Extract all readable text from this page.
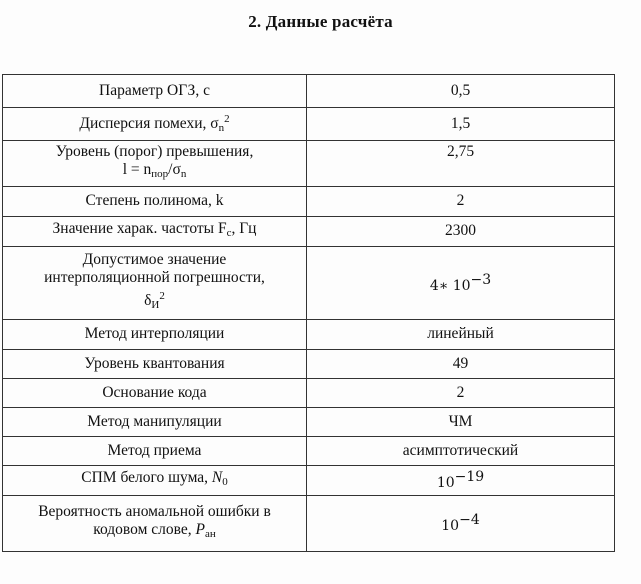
2. Данные расчёта
Параметр ОГЗ, c	0,5
Дисперсия помехи, $\sigma_n^2$	1,5

Уровень (порог) превышения,
$l = n_{пор}/\sigma_n$	2,75
Степень полинома, k	2
Значение харак. частоты $F_c$, Гц	2300

Допустимое значение
интерполяционной погрешности,
$\delta_И^2$	4∗ 10−3
Метод интерполяции	линейный
Уровень квантования	49
Основание кода	2
Метод манипуляции	ЧМ
Метод приема	асимптотический
СПМ белого шума, $N_0$	10−19

Вероятность аномальной ошибки в
кодовом слове, $P_{ан}$	10−4
